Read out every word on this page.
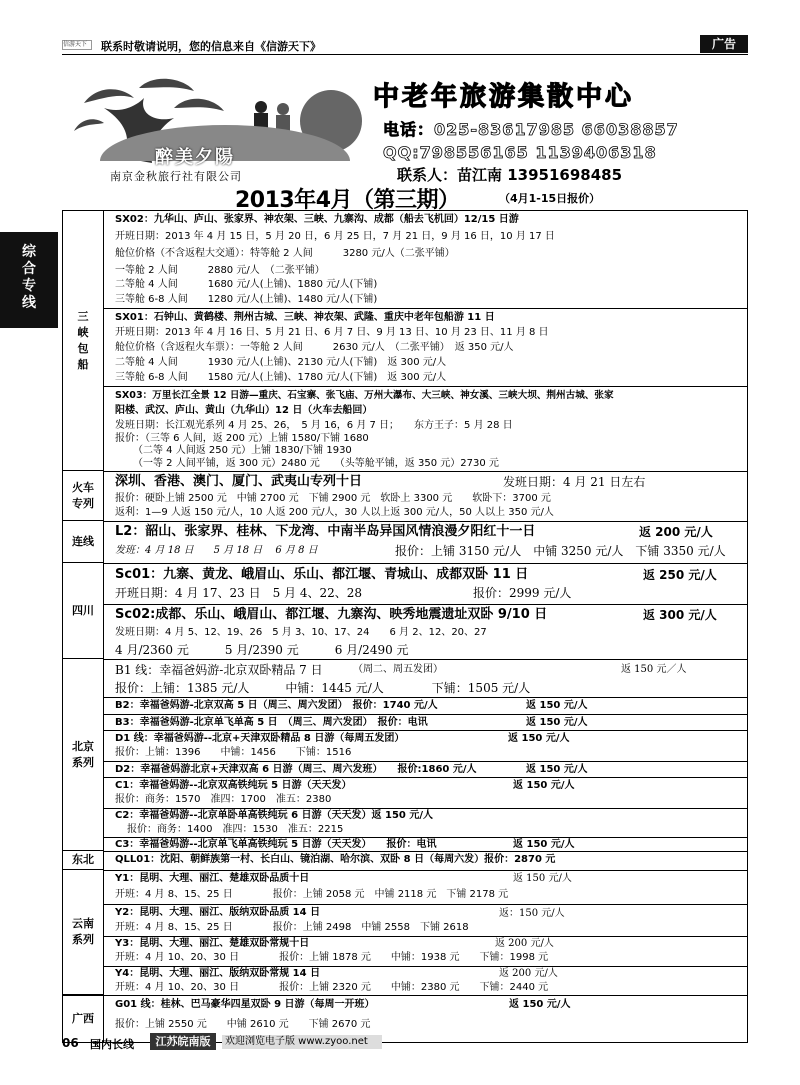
信游天下	联系时敬请说明，您的信息来自《信游天下》	广告
综合专线
醉美夕陽
南京金秋旅行社有限公司
中老年旅游集散中心
电话：025-83617985 66038857
QQ:798556165 1139406318
联系人：苗江南 13951698485
2013年4月（第三期）	（4月1-15日报价）
三峡包船
SX02：九华山、庐山、张家界、神农架、三峡、九寨沟、成都（船去飞机回）12/15 日游
开班日期：2013 年 4 月 15 日，5 月 20 日，6 月 25 日，7 月 21 日，9 月 16 日，10 月 17 日
舱位价格（不含返程大交通）：特等舱 2 人间　　　3280 元/人（二张平铺）
一等舱 2 人间　　　2880 元/人　（二张平铺）
二等舱 4 人间　　　1680 元/人(上铺)、1880 元/人(下铺)
三等舱 6-8 人间　　1280 元/人(上铺)、1480 元/人(下铺)
SX01：石钟山、黄鹤楼、荆州古城、三峡、神农架、武隆、重庆中老年包船游 11 日
开班日期：2013 年 4 月 16 日、5 月 21 日、6 月 7 日、9 月 13 日、10 月 23 日、11 月 8 日
舱位价格（含返程火车票）：一等舱 2 人间　　　2630 元/人　（二张平铺）　返 350 元/人
二等舱 4 人间　　　1930 元/人(上铺)、2130 元/人(下铺)　返 300 元/人
三等舱 6-8 人间　　1580 元/人(上铺)、1780 元/人(下铺)　返 300 元/人
SX03：万里长江全景 12 日游—重庆、石宝寨、张飞庙、万州大瀑布、大三峡、神女溪、三峡大坝、荆州古城、张家
阳楼、武汉、庐山、黄山（九华山）12 日（火车去船回）
发班日期：长江观光系列 4 月 25、26，　5 月 16，6 月 7 日；　　东方王子：5 月 28 日
报价：（三等 6 人间，返 200 元）上铺 1580/下铺 1680
（二等 4 人间返 250 元）上铺 1830/下铺 1930
（一等 2 人间平铺，返 300 元）2480 元　　（头等舱平铺，返 350 元）2730 元
火车专列
深圳、香港、澳门、厦门、武夷山专列十日	发班日期：4 月 21 日左右
报价：硬卧上铺 2500 元　中铺 2700 元　下铺 2900 元　软卧上 3300 元　　软卧下：3700 元
返利：1—9 人返 150 元/人，10 人返 200 元/人，30 人以上返 300 元/人，50 人以上 350 元/人
连线
L2：韶山、张家界、桂林、下龙湾、中南半岛异国风情浪漫夕阳红十一日	返 200 元/人
发班：4 月 18 日　　5 月 18 日　 6 月 8 日	报价：上铺 3150 元/人　中铺 3250 元/人　下铺 3350 元/人
四川
Sc01：九寨、黄龙、峨眉山、乐山、都江堰、青城山、成都双卧 11 日	返 250 元/人
开班日期：4 月 17、23 日　5 月 4、22、28	报价：2999 元/人
Sc02:成都、乐山、峨眉山、都江堰、九寨沟、映秀地震遗址双卧 9/10 日	返 300 元/人
发班日期：4 月 5、12、19、26　5 月 3、10、17、24　　6 月 2、12、20、27
4 月/2360 元　　　5 月/2390 元　　　6 月/2490 元
北京系列
B1 线：幸福爸妈游-北京双卧精品 7 日	（周二、周五发团）	返 150 元／人
报价：上铺：1385 元/人　　　中铺：1445 元/人　　　　下铺：1505 元/人
B2：幸福爸妈游-北京双高 5 日（周三、周六发团）　报价：1740 元/人	返 150 元/人
B3：幸福爸妈游-北京单飞单高 5 日　（周三、周六发团）　报价：电讯	返 150 元/人
D1 线：幸福爸妈游--北京+天津双卧精品 8 日游（每周五发团）	返 150 元/人
报价：上铺：1396　　中铺：1456　　下铺：1516
D2：幸福爸妈游北京+天津双高 6 日游（周三、周六发班）　　报价:1860 元/人	返 150 元/人
C1：幸福爸妈游--北京双高铁纯玩 5 日游（天天发）	返 150 元/人
报价：商务：1570　准四：1700　准五：2380
C2：幸福爸妈游--北京单卧单高铁纯玩 6 日游（天天发）返 150 元/人
报价：商务：1400　准四：1530　准五：2215
C3：幸福爸妈游--北京单飞单高铁纯玩 5 日游（天天发）　　报价：电讯	返 150 元/人
东北 QLL01：沈阳、朝鲜族第一村、长白山、镜泊湖、哈尔滨、双卧 8 日（每周六发）报价：2870 元
云南系列
Y1：昆明、大理、丽江、楚雄双卧品质十日	返 150 元/人
开班：4 月 8、15、25 日　　　　报价：上铺 2058 元　中铺 2118 元　下铺 2178 元
Y2：昆明、大理、丽江、版纳双卧品质 14 日	返：150 元/人
开班：4 月 8、15、25 日　　　　报价：上铺 2498　中铺 2558　下铺 2618
Y3：昆明、大理、丽江、楚雄双卧常规十日	返 200 元/人
开班：4 月 10、20、30 日　　　　报价：上铺 1878 元　　中铺：1938 元　　下铺：1998 元
Y4：昆明、大理、丽江、版纳双卧常规 14 日	返 200 元/人
开班：4 月 10、20、30 日　　　　报价：上铺 2320 元　　中铺：2380 元　　下铺：2440 元
广西
G01 线：桂林、巴马豪华四星双卧 9 日游（每周一开班）	返 150 元/人
报价：上铺 2550 元　　中铺 2610 元　　下铺 2670 元
06 国内长线	江苏皖南版	欢迎浏览电子版 www.zyoo.net
